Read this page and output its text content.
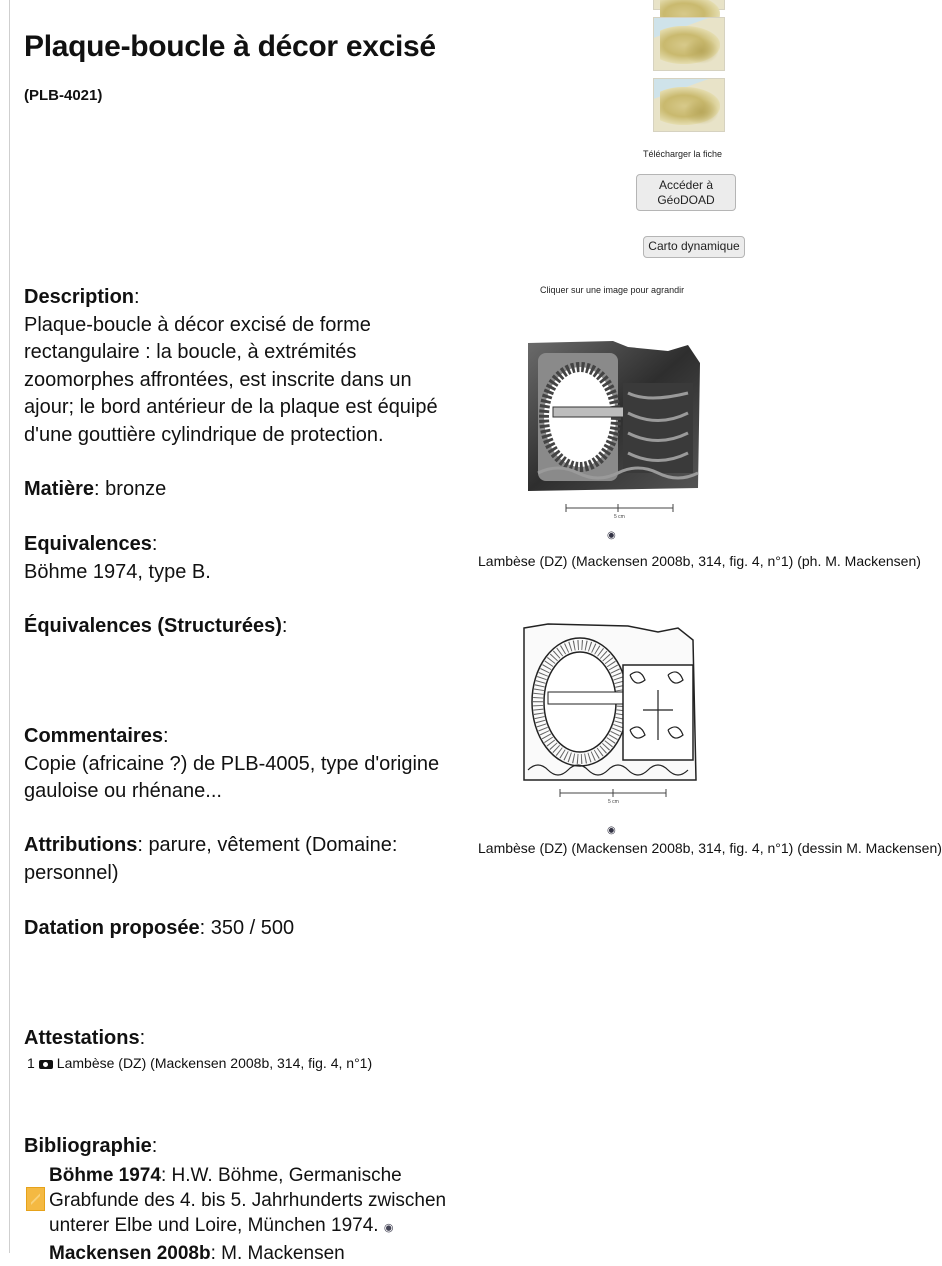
Plaque-boucle à décor excisé
(PLB-4021)
Télécharger la fiche
Accéder à GéoDOAD
Carto dynamique
Cliquer sur une image pour agrandir
5 cm
◉
Lambèse (DZ) (Mackensen 2008b, 314, fig. 4, n°1) (ph. M. Mackensen)
5 cm
◉
Lambèse (DZ) (Mackensen 2008b, 314, fig. 4, n°1) (dessin M. Mackensen)
Description:
Plaque-boucle à décor excisé de forme rectangulaire : la boucle, à extrémités zoomorphes affrontées, est inscrite dans un ajour; le bord antérieur de la plaque est équipé d'une gouttière cylindrique de protection.
Matière: bronze
Equivalences:
Böhme 1974, type B.
Équivalences (Structurées):
Commentaires:
Copie (africaine ?) de PLB-4005, type d'origine gauloise ou rhénane...
Attributions: parure, vêtement (Domaine: personnel)
Datation proposée: 350 / 500
Attestations:
1 Lambèse (DZ) (Mackensen 2008b, 314, fig. 4, n°1)
Bibliographie:
Böhme 1974: H.W. Böhme, Germanische Grabfunde des 4. bis 5. Jahrhunderts zwischen unterer Elbe und Loire, München 1974. ◉
Mackensen 2008b: M. Mackensen
